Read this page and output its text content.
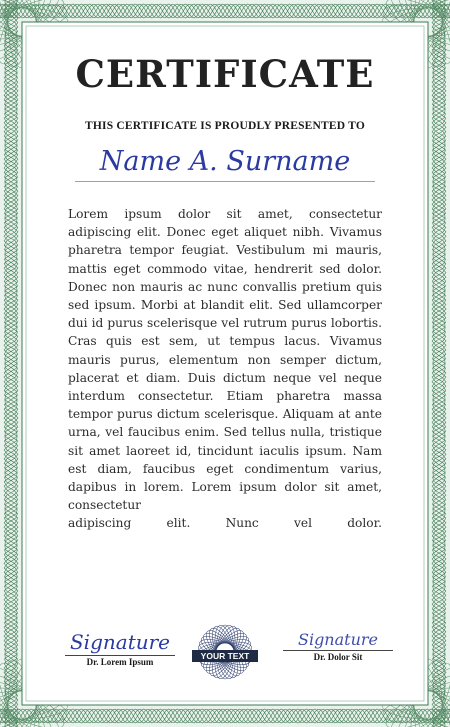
CERTIFICATE
THIS CERTIFICATE IS PROUDLY PRESENTED TO
Name A. Surname
Lorem ipsum dolor sit amet, consectetur adipiscing elit. Donec eget aliquet nibh. Vivamus pharetra tempor feugiat. Vestibulum mi mauris, mattis eget commodo vitae, hendrerit sed dolor. Donec non mauris ac nunc convallis pretium quis sed ipsum. Morbi at blandit elit. Sed ullamcorper dui id purus scelerisque vel rutrum purus lobortis. Cras quis est sem, ut tempus lacus. Vivamus mauris purus, elementum non semper dictum, placerat et diam. Duis dictum neque vel neque interdum consectetur. Etiam pharetra massa tempor purus dictum scelerisque. Aliquam at ante urna, vel faucibus enim. Sed tellus nulla, tristique sit amet laoreet id, tincidunt iaculis ipsum. Nam est diam, faucibus eget condimentum varius, dapibus in lorem. Lorem ipsum dolor sit amet, consectetur
adipiscing elit. Nunc vel dolor.
Signature
Dr. Lorem Ipsum
YOUR TEXT
Signature
Dr. Dolor Sit
